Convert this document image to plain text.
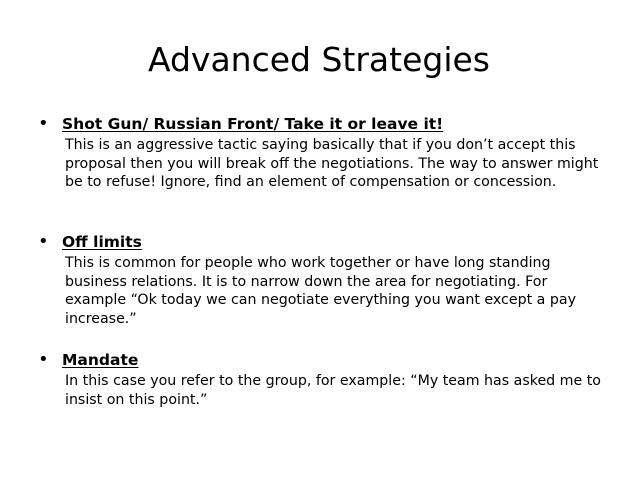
Advanced Strategies
• Shot Gun/ Russian Front/ Take it or leave it!
This is an aggressive tactic saying basically that if you don’t accept this proposal then you will break off the negotiations. The way to answer might be to refuse! Ignore, find an element of compensation or concession.
• Off limits
This is common for people who work together or have long standing business relations. It is to narrow down the area for negotiating. For example “Ok today we can negotiate everything you want except a pay increase.”
• Mandate
In this case you refer to the group, for example: “My team has asked me to insist on this point.”
